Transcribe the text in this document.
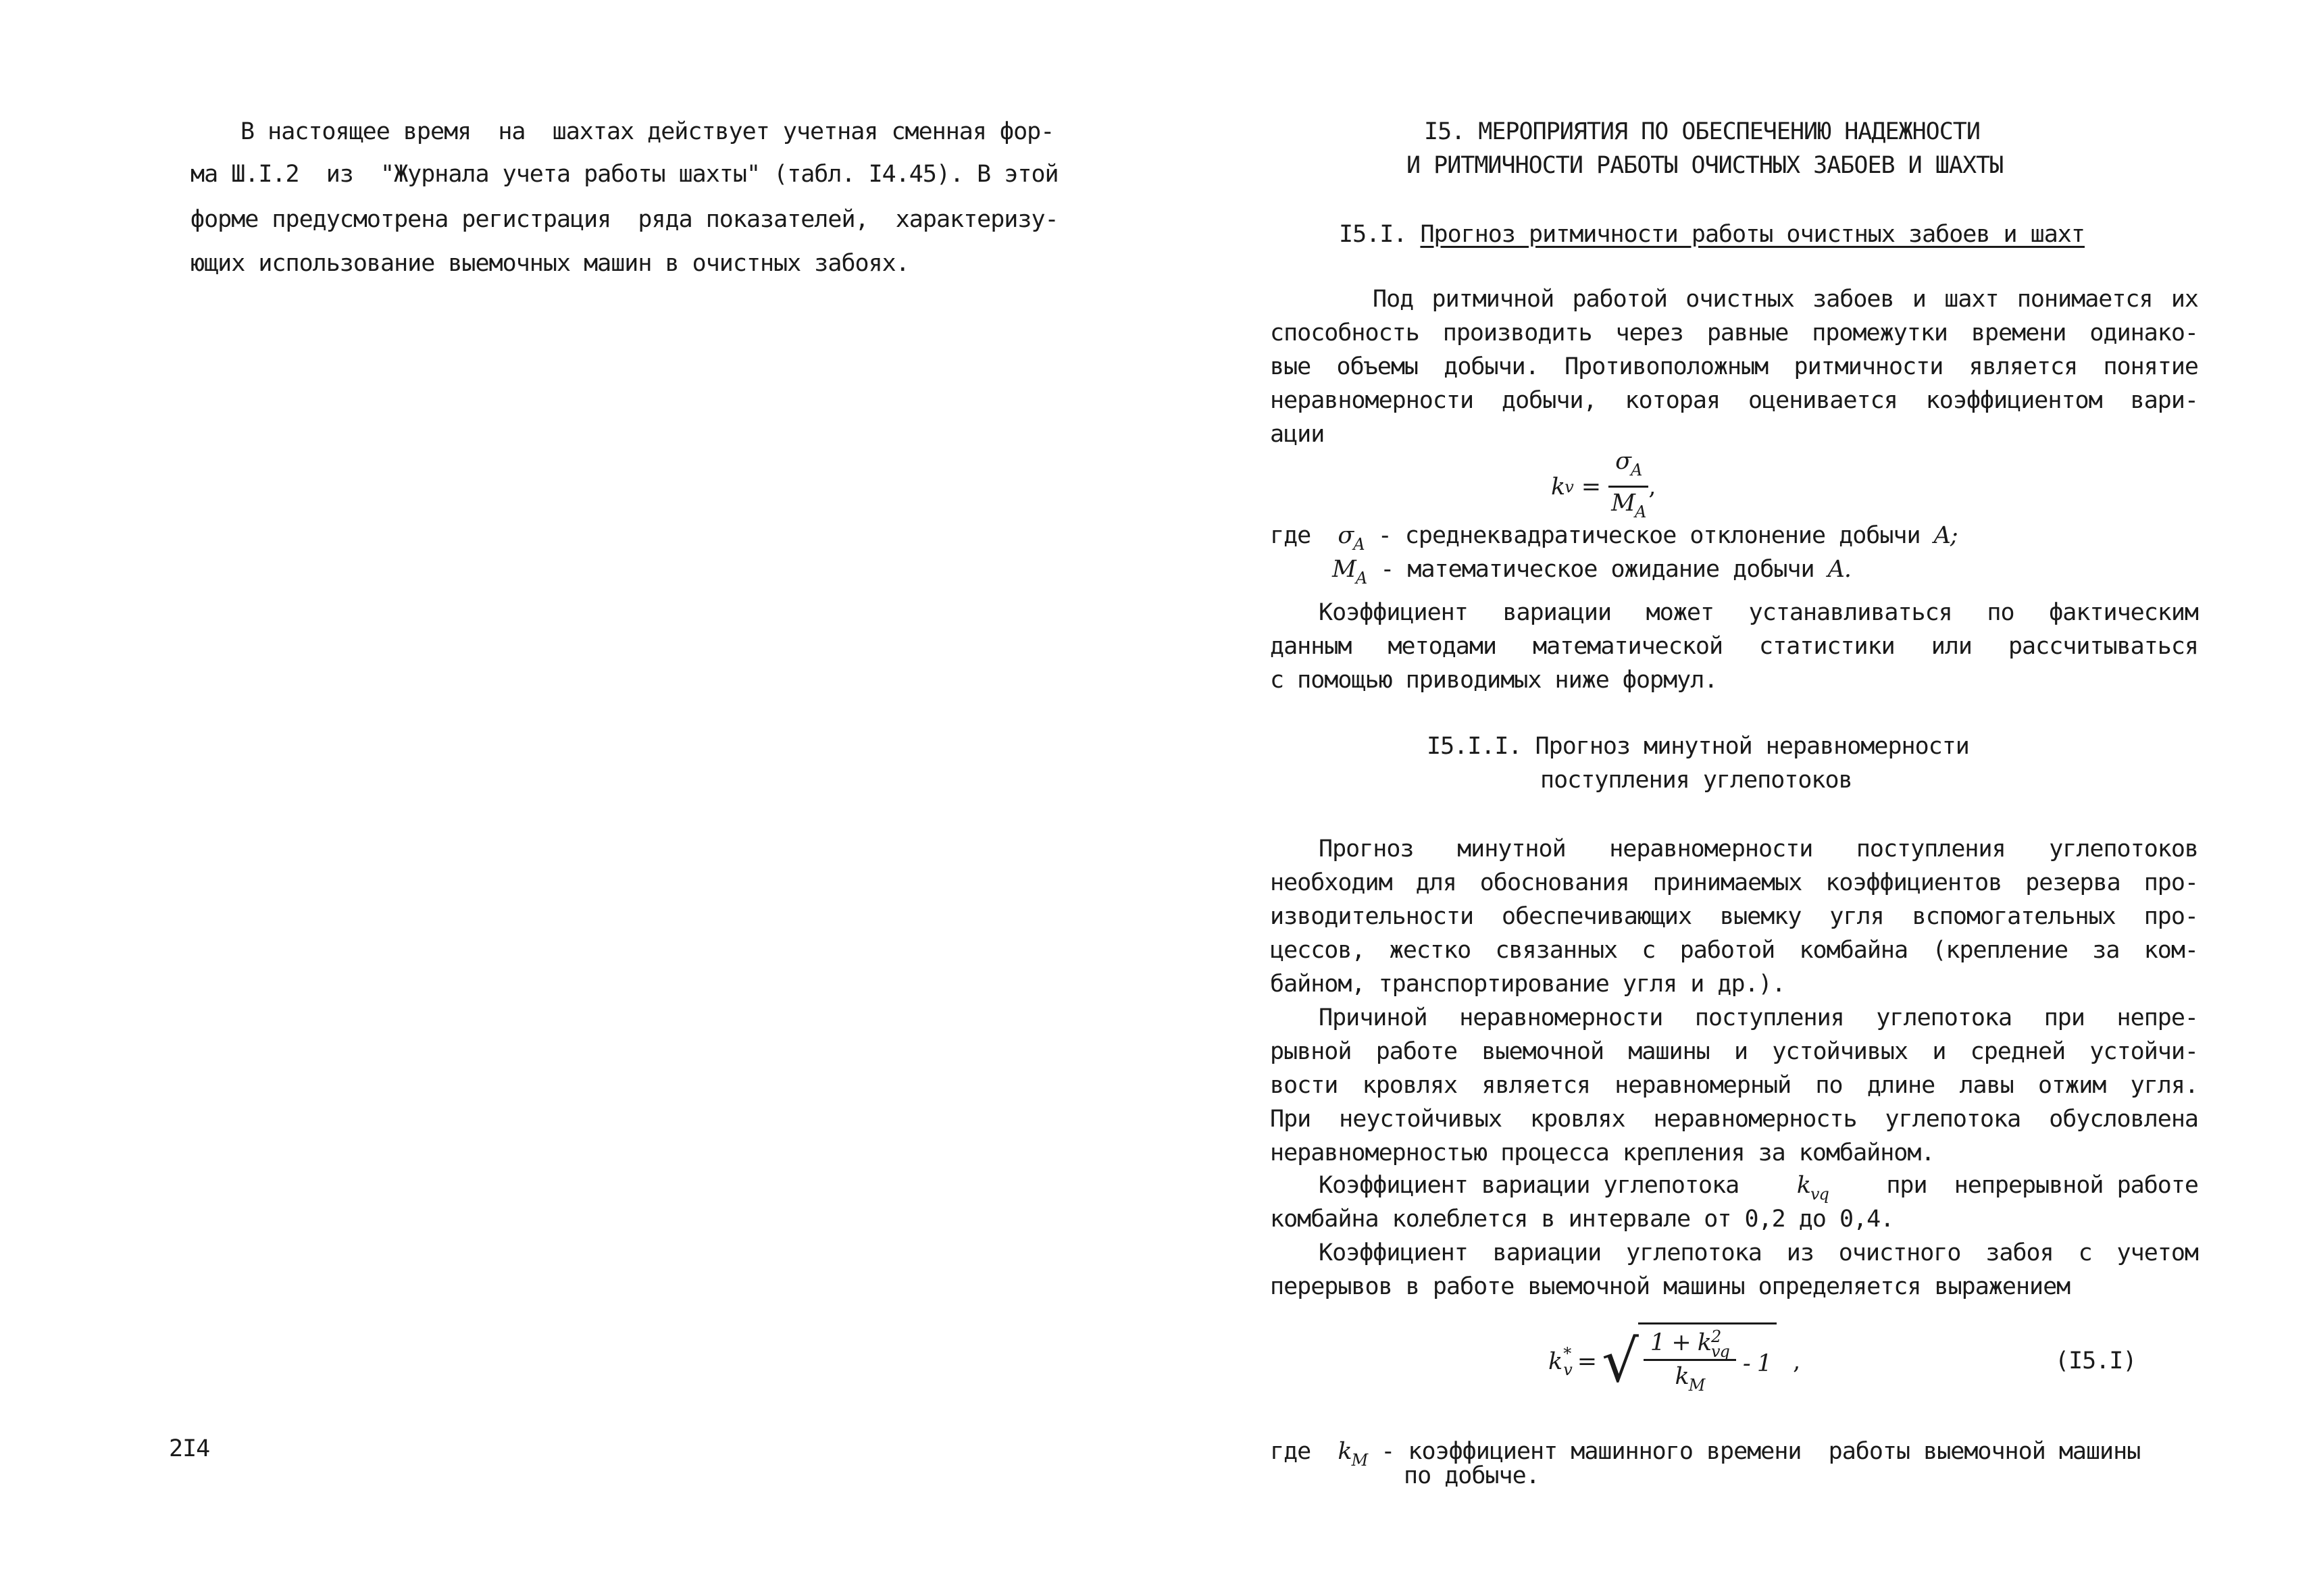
В настоящее время  на  шахтах действует учетная сменная фор-
ма Ш.I.2  из  "Журнала учета работы шахты" (табл. I4.45). В этой
форме предусмотрена регистрация  ряда показателей,  характеризу-
ющих использование выемочных машин в очистных забоях.
2I4
I5. МЕРОПРИЯТИЯ ПО ОБЕСПЕЧЕНИЮ НАДЕЖНОСТИ
И РИТМИЧНОСТИ РАБОТЫ ОЧИСТНЫХ ЗАБОЕВ И ШАХТЫ
I5.I. Прогноз ритмичности работы очистных забоев и шахт
Под ритмичной работой очистных забоев и шахт понимается их
способность производить через равные промежутки времени одинако-
вые объемы добычи. Противоположным ритмичности является понятие
неравномерности добычи, которая оценивается коэффициентом вари-
ации
k $v = \frac{\sigma_A}{M_A}$ ,
где $\sigma_A$ - среднеквадратическое отклонение добычи A;
$M_A$ - математическое ожидание добычи A.
Коэффициент вариации может устанавливаться по фактическим
данным методами математической статистики или рассчитываться
с помощью приводимых ниже формул.
I5.I.I. Прогноз минутной неравномерности
поступления углепотоков
Прогноз минутной неравномерности поступления углепотоков
необходим для обоснования принимаемых коэффициентов резерва про-
изводительности обеспечивающих выемку угля вспомогательных про-
цессов, жестко связанных с работой комбайна (крепление за ком-
байном, транспортирование угля и др.).
Причиной неравномерности поступления углепотока при непре-
рывной работе выемочной машины и устойчивых и средней устойчи-
вости кровлях является неравномерный по длине лавы отжим угля.
При неустойчивых кровлях неравномерность углепотока обусловлена
неравномерностью процесса крепления за комбайном.
Коэффициент вариации углепотока $k_{vq}$ при  непрерывной работе
комбайна колеблется в интервале от 0,2 до 0,4.
Коэффициент вариации углепотока из очистного забоя с учетом
перерывов в работе выемочной машины определяется выражением
k *
v = √ 1 + k 2
vq
$k_M - 1$ ,	(I5.I)
где $k_M$ - коэффициент машинного времени  работы выемочной машины
по добыче.
